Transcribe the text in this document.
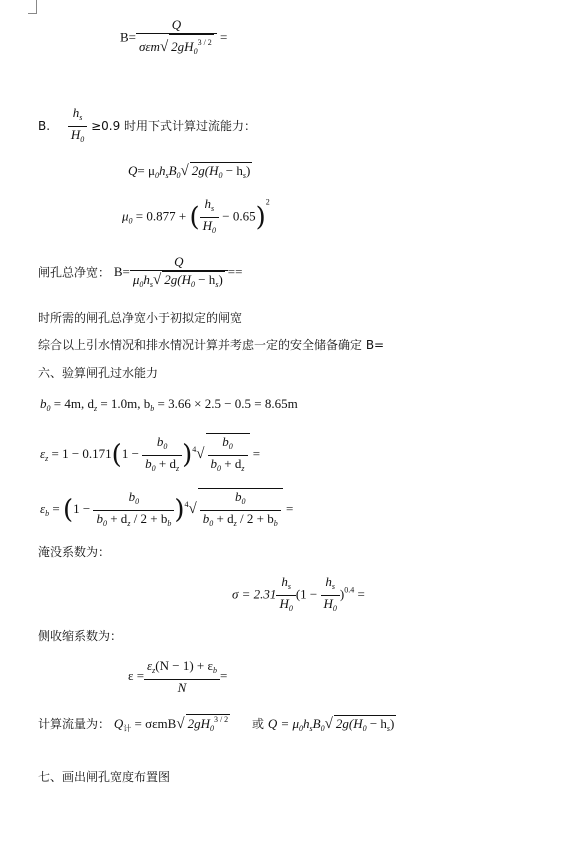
$B= \frac{Q}{\sigma\varepsilon m√ 2gH_0^{3 / 2}}$ =
B. $\frac{h_s}{H_0} \ge 0.9$ 时用下式计算过流能力：
$Q= \mu_0h_sB_0√$ $2g(H_0 - h_s)$
$\mu_0 = 0.877$ + ( $\frac{h_s}{H_0} - 0.65)^2$
闸孔总净宽： $B= \frac{Q}{\mu_0h_s√ 2g(H_0 - h_s)}$ ==
时所需的闸孔总净宽小于初拟定的闸宽
综合以上引水情况和排水情况计算并考虑一定的安全储备确定 B=
六、验算闸孔过水能力
$b_0 = 4m$, $d_z = 1.0m$, $b_b = 3.66 \times 2.5 - 0.5 = 8.65m$
$\varepsilon_z = 1 - 0.171(1 - \frac{b_0}{b_0 + d_z} )^4√ \frac{b_0}{b_0 + d_z}$ =
$\varepsilon_b = (1 - \frac{b_0}{b_0 + d_z / 2 + b_b} )^4√ \frac{b_0}{b_0 + d_z / 2 + b_b}$ =
淹没系数为：
$\sigma = 2.31 \frac{h_s}{H_0} (1 - \frac{h_s}{H_0} )^{0.4}$ =
侧收缩系数为：
$\varepsilon = \frac{\varepsilon_z(N - 1) + \varepsilon_b}{N}$ =
计算流量为： $Q_计 = \sigma\varepsilon mB√$ $2gH_0^{3 / 2}$ 或 $Q = \mu_0h_sB_0√$ $2g(H_0 - h_s)$
七、画出闸孔宽度布置图
